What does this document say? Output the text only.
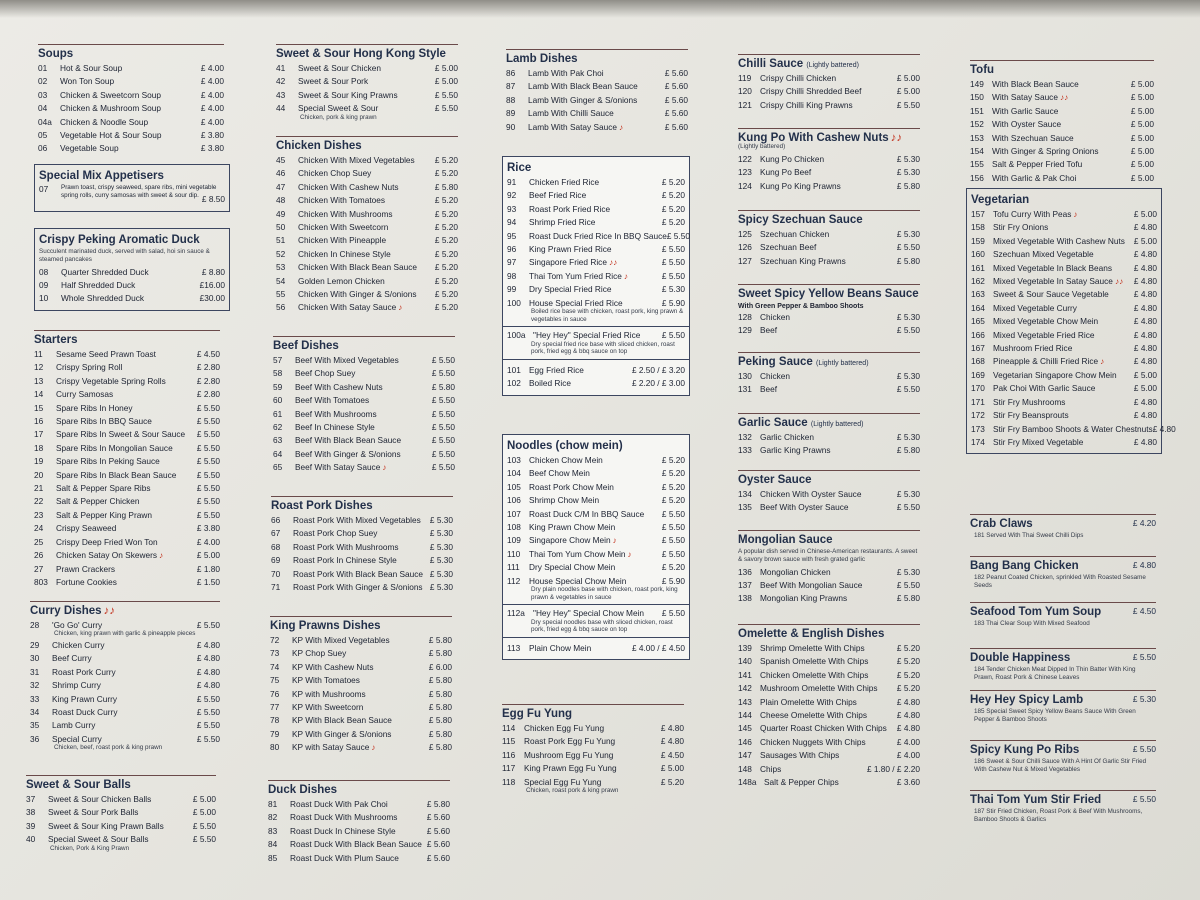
Soups
01	Hot & Sour Soup	£ 4.00
02	Won Ton Soup	£ 4.00
03	Chicken & Sweetcorn Soup	£ 4.00
04	Chicken & Mushroom Soup	£ 4.00
04a Chicken & Noodle Soup	£ 4.00
05	Vegetable Hot & Sour Soup	£ 3.80
06	Vegetable Soup	£ 3.80
Special Mix Appetisers
07	Prawn toast, crispy seaweed, spare ribs, mini vegetable spring rolls, curry samosas with sweet & sour dip. £ 8.50
Crispy Peking Aromatic Duck
Succulent marinated duck, served with salad, hoi sin sauce & steamed pancakes
08	Quarter Shredded Duck	£ 8.80
09	Half Shredded Duck	£16.00
10	Whole Shredded Duck	£30.00
Starters
11	Sesame Seed Prawn Toast	£ 4.50
12	Crispy Spring Roll	£ 2.80
13	Crispy Vegetable Spring Rolls	£ 2.80
14	Curry Samosas	£ 2.80
15	Spare Ribs In Honey	£ 5.50
16	Spare Ribs In BBQ Sauce	£ 5.50
17	Spare Ribs In Sweet & Sour Sauce	£ 5.50
18	Spare Ribs In Mongolian Sauce	£ 5.50
19	Spare Ribs In Peking Sauce	£ 5.50
20	Spare Ribs In Black Bean Sauce	£ 5.50
21	Salt & Pepper Spare Ribs	£ 5.50
22	Salt & Pepper Chicken	£ 5.50
23	Salt & Pepper King Prawn	£ 5.50
24	Crispy Seaweed	£ 3.80
25	Crispy Deep Fried Won Ton	£ 4.00
26	Chicken Satay On Skewers ♪	£ 5.00
27	Prawn Crackers	£ 1.80
803 Fortune Cookies	£ 1.50
Curry Dishes ♪♪
28	'Go Go' Curry	£ 5.50
Chicken, king prawn with garlic & pineapple pieces
29	Chicken Curry	£ 4.80
30	Beef Curry	£ 4.80
31	Roast Pork Curry	£ 4.80
32	Shrimp Curry	£ 4.80
33	King Prawn Curry	£ 5.50
34	Roast Duck Curry	£ 5.50
35	Lamb Curry	£ 5.50
36	Special Curry	£ 5.50
Chicken, beef, roast pork & king prawn
Sweet & Sour Balls
37	Sweet & Sour Chicken Balls	£ 5.00
38	Sweet & Sour Pork Balls	£ 5.00
39	Sweet & Sour King Prawn Balls	£ 5.50
40	Special Sweet & Sour Balls	£ 5.50
Chicken, Pork & King Prawn
Sweet & Sour Hong Kong Style
41	Sweet & Sour Chicken	£ 5.00
42	Sweet & Sour Pork	£ 5.00
43	Sweet & Sour King Prawns	£ 5.50
44	Special Sweet & Sour	£ 5.50
Chicken, pork & king prawn
Chicken Dishes
45	Chicken With Mixed Vegetables	£ 5.20
46	Chicken Chop Suey	£ 5.20
47	Chicken With Cashew Nuts	£ 5.80
48	Chicken With Tomatoes	£ 5.20
49	Chicken With Mushrooms	£ 5.20
50	Chicken With Sweetcorn	£ 5.20
51	Chicken With Pineapple	£ 5.20
52	Chicken In Chinese Style	£ 5.20
53	Chicken With Black Bean Sauce	£ 5.20
54	Golden Lemon Chicken	£ 5.20
55	Chicken With Ginger & S/onions	£ 5.20
56	Chicken With Satay Sauce ♪	£ 5.20
Beef Dishes
57	Beef With Mixed Vegetables	£ 5.50
58	Beef Chop Suey	£ 5.50
59	Beef With Cashew Nuts	£ 5.80
60	Beef With Tomatoes	£ 5.50
61	Beef With Mushrooms	£ 5.50
62	Beef In Chinese Style	£ 5.50
63	Beef With Black Bean Sauce	£ 5.50
64	Beef With Ginger & S/onions	£ 5.50
65	Beef With Satay Sauce ♪	£ 5.50
Roast Pork Dishes
66	Roast Pork With Mixed Vegetables	£ 5.30
67	Roast Pork Chop Suey	£ 5.30
68	Roast Pork With Mushrooms	£ 5.30
69	Roast Pork In Chinese Style	£ 5.30
70	Roast Pork With Black Bean Sauce £ 5.30
71	Roast Pork With Ginger & S/onions £ 5.30
King Prawns Dishes
72	KP With Mixed Vegetables	£ 5.80
73	KP Chop Suey	£ 5.80
74	KP With Cashew Nuts	£ 6.00
75	KP With Tomatoes	£ 5.80
76	KP with Mushrooms	£ 5.80
77	KP With Sweetcorn	£ 5.80
78	KP With Black Bean Sauce	£ 5.80
79	KP With Ginger & S/onions	£ 5.80
80	KP with Satay Sauce ♪	£ 5.80
Duck Dishes
81	Roast Duck With Pak Choi	£ 5.80
82	Roast Duck With Mushrooms	£ 5.60
83	Roast Duck In Chinese Style	£ 5.60
84	Roast Duck With Black Bean Sauce £ 5.60
85	Roast Duck With Plum Sauce	£ 5.60
Lamb Dishes
86	Lamb With Pak Choi	£ 5.60
87	Lamb With Black Bean Sauce	£ 5.60
88	Lamb With Ginger & S/onions	£ 5.60
89	Lamb With Chilli Sauce	£ 5.60
90	Lamb With Satay Sauce ♪	£ 5.60
Rice
91	Chicken Fried Rice	£ 5.20
92	Beef Fried Rice	£ 5.20
93	Roast Pork Fried Rice	£ 5.20
94	Shrimp Fried Rice	£ 5.20
95	Roast Duck Fried Rice In BBQ Sauce £ 5.50
96	King Prawn Fried Rice	£ 5.50
97	Singapore Fried Rice ♪♪	£ 5.50
98	Thai Tom Yum Fried Rice ♪	£ 5.50
99	Dry Special Fried Rice	£ 5.30
100 House Special Fried Rice	£ 5.90
Boiled rice base with chicken, roast pork, king prawn & vegetables in sauce
100a "Hey Hey" Special Fried Rice	£ 5.50
Dry special fried rice base with sliced chicken, roast pork, fried egg & bbq sauce on top
101 Egg Fried Rice	£ 2.50 / £ 3.20
102 Boiled Rice	£ 2.20 / £ 3.00
Noodles (chow mein)
103 Chicken Chow Mein	£ 5.20
104 Beef Chow Mein	£ 5.20
105 Roast Pork Chow Mein	£ 5.20
106 Shrimp Chow Mein	£ 5.20
107 Roast Duck C/M In BBQ Sauce	£ 5.50
108 King Prawn Chow Mein	£ 5.50
109 Singapore Chow Mein ♪	£ 5.50
110	Thai Tom Yum Chow Mein ♪	£ 5.50
111	Dry Special Chow Mein	£ 5.20
112	House Special Chow Mein	£ 5.90
Dry plain noodles base with chicken, roast pork, king prawn & vegetables in sauce
112a "Hey Hey" Special Chow Mein	£ 5.50
Dry special noodles base with sliced chicken, roast pork, fried egg & bbq sauce on top
113	Plain Chow Mein	£ 4.00 / £ 4.50
Egg Fu Yung
114	Chicken Egg Fu Yung	£ 4.80
115	Roast Pork Egg Fu Yung	£ 4.80
116	Mushroom Egg Fu Yung	£ 4.50
117	King Prawn Egg Fu Yung	£ 5.00
118	Special Egg Fu Yung	£ 5.20
Chicken, roast pork & king prawn
Chilli Sauce (Lightly battered)
119	Crispy Chilli Chicken	£ 5.00
120 Crispy Chilli Shredded Beef	£ 5.00
121 Crispy Chilli King Prawns	£ 5.50
Kung Po With Cashew Nuts ♪♪
(Lightly battered)
122 Kung Po Chicken	£ 5.30
123 Kung Po Beef	£ 5.30
124 Kung Po King Prawns	£ 5.80
Spicy Szechuan Sauce
125 Szechuan Chicken	£ 5.30
126 Szechuan Beef	£ 5.50
127 Szechuan King Prawns	£ 5.80
Sweet Spicy Yellow Beans Sauce
With Green Pepper & Bamboo Shoots
128 Chicken	£ 5.30
129 Beef	£ 5.50
Peking Sauce (Lightly battered)
130 Chicken	£ 5.30
131 Beef	£ 5.50
Garlic Sauce (Lightly battered)
132 Garlic Chicken	£ 5.30
133 Garlic King Prawns	£ 5.80
Oyster Sauce
134 Chicken With Oyster Sauce	£ 5.30
135 Beef With Oyster Sauce	£ 5.50
Mongolian Sauce
A popular dish served in Chinese-American restaurants. A sweet & savory brown sauce with fresh grated garlic
136 Mongolian Chicken	£ 5.30
137 Beef With Mongolian Sauce	£ 5.50
138 Mongolian King Prawns	£ 5.80
Omelette & English Dishes
139 Shrimp Omelette With Chips	£ 5.20
140 Spanish Omelette With Chips	£ 5.20
141 Chicken Omelette With Chips	£ 5.20
142 Mushroom Omelette With Chips	£ 5.20
143 Plain Omelette With Chips	£ 4.80
144 Cheese Omelette With Chips	£ 4.80
145 Quarter Roast Chicken With Chips	£ 4.80
146 Chicken Nuggets With Chips	£ 4.00
147 Sausages With Chips	£ 4.00
148 Chips	£ 1.80 / £ 2.20
148a Salt & Pepper Chips	£ 3.60
Tofu
149 With Black Bean Sauce	£ 5.00
150 With Satay Sauce ♪♪	£ 5.00
151 With Garlic Sauce	£ 5.00
152 With Oyster Sauce	£ 5.00
153 With Szechuan Sauce	£ 5.00
154 With Ginger & Spring Onions	£ 5.00
155 Salt & Pepper Fried Tofu	£ 5.00
156 With Garlic & Pak Choi	£ 5.00
Vegetarian
157 Tofu Curry With Peas ♪	£ 5.00
158 Stir Fry Onions	£ 4.80
159 Mixed Vegetable With Cashew Nuts	£ 5.00
160 Szechuan Mixed Vegetable	£ 4.80
161 Mixed Vegetable In Black Beans	£ 4.80
162 Mixed Vegetable In Satay Sauce ♪♪ £ 4.80
163 Sweet & Sour Sauce Vegetable	£ 4.80
164 Mixed Vegetable Curry	£ 4.80
165 Mixed Vegetable Chow Mein	£ 4.80
166 Mixed Vegetable Fried Rice	£ 4.80
167 Mushroom Fried Rice	£ 4.80
168 Pineapple & Chilli Fried Rice ♪	£ 4.80
169 Vegetarian Singapore Chow Mein	£ 5.00
170 Pak Choi With Garlic Sauce	£ 5.00
171 Stir Fry Mushrooms	£ 4.80
172 Stir Fry Beansprouts	£ 4.80
173 Stir Fry Bamboo Shoots & Water Chestnuts £ 4.80
174 Stir Fry Mixed Vegetable	£ 4.80
Crab Claws	£ 4.20
181 Served With Thai Sweet Chilli Dips
Bang Bang Chicken	£ 4.80
182 Peanut Coated Chicken, sprinkled With Roasted Sesame Seeds
Seafood Tom Yum Soup	£ 4.50
183 Thai Clear Soup With Mixed Seafood
Double Happiness	£ 5.50
184 Tender Chicken Meat Dipped In Thin Batter With King Prawn, Roast Pork & Chinese Leaves
Hey Hey Spicy Lamb	£ 5.30
185 Special Sweet Spicy Yellow Beans Sauce With Green Pepper & Bamboo Shoots
Spicy Kung Po Ribs	£ 5.50
186 Sweet & Sour Chilli Sauce With A Hint Of Garlic Stir Fried With Cashew Nut & Mixed Vegetables
Thai Tom Yum Stir Fried	£ 5.50
187 Stir Fried Chicken, Roast Pork & Beef With Mushrooms, Bamboo Shoots & Garlics
